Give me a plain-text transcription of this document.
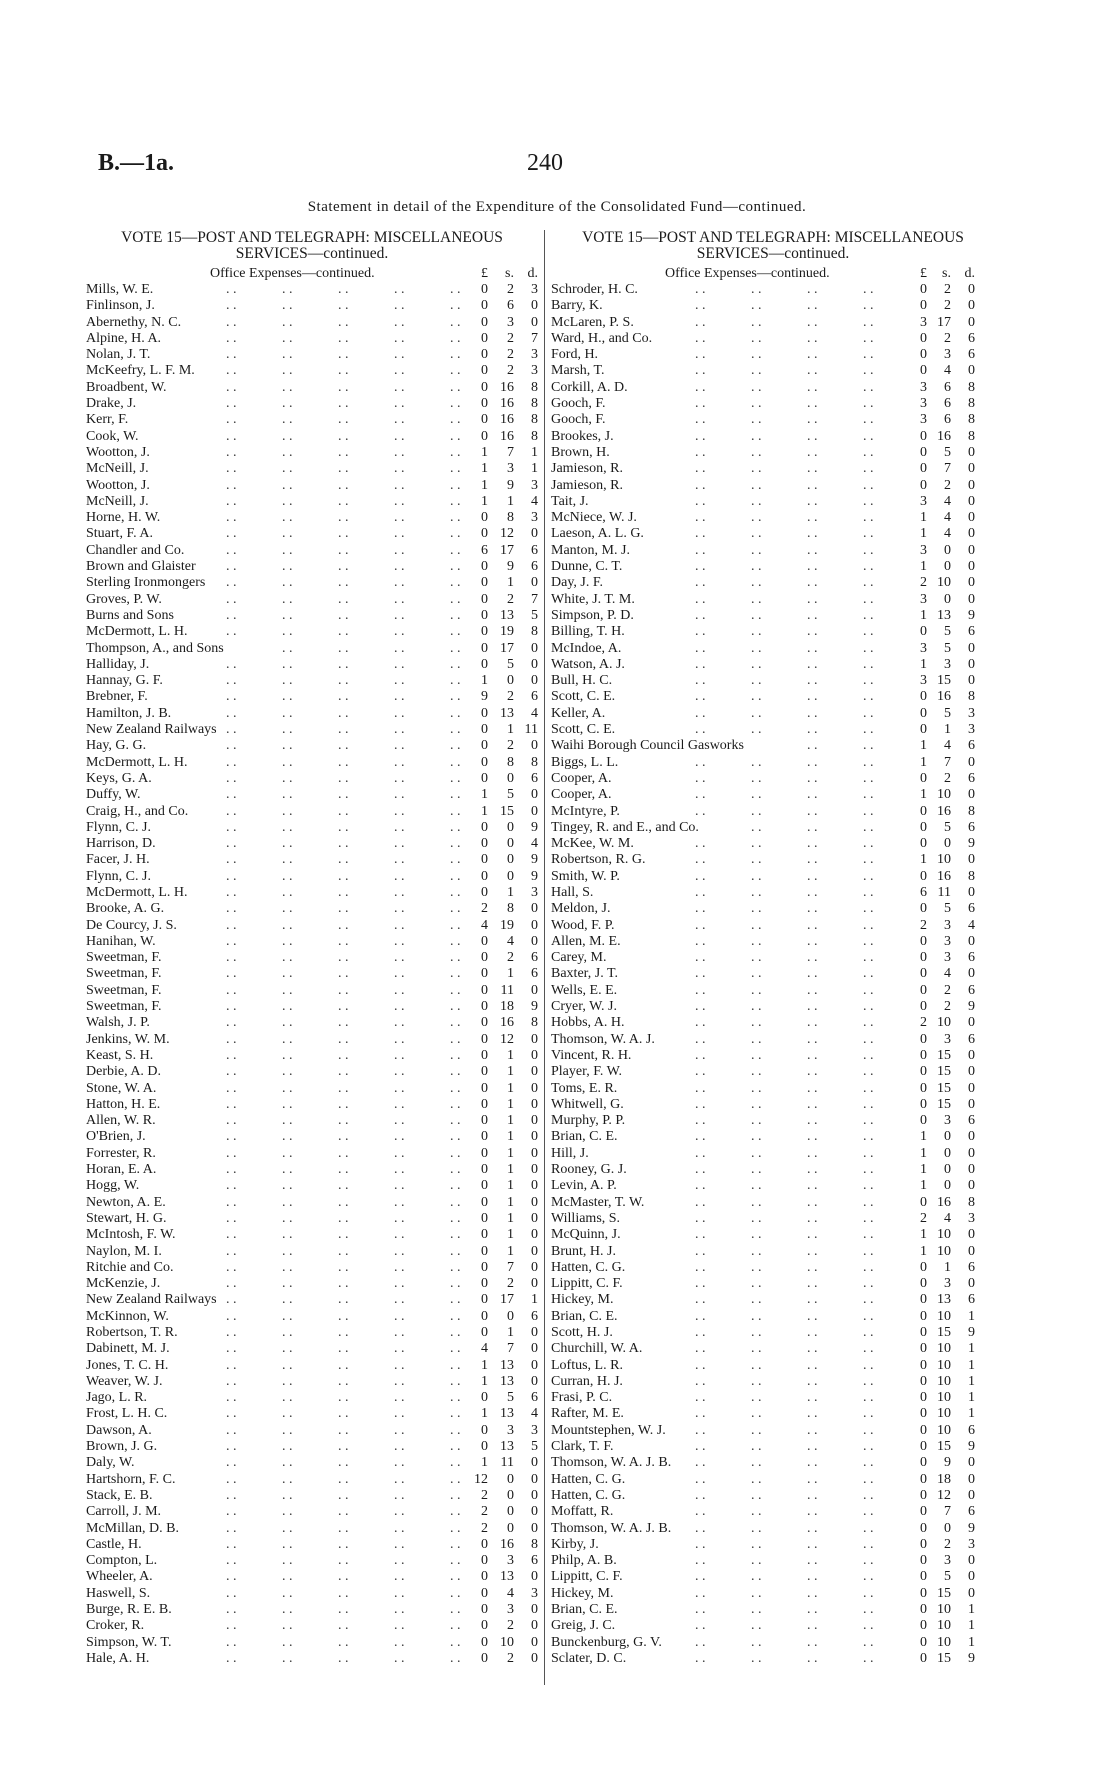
B.—1a.	240
Statement in detail of the Expenditure of the Consolidated Fund—continued.
VOTE 15—POST AND TELEGRAPH: MISCELLANEOUS
SERVICES—continued.
Office Expenses—continued.	£	s. d.
Mills, W. E.	0	2	3
. .	. .	. .	. .	. .
Finlinson, J.	0	6	0
. .	. .	. .	. .	. .
Abernethy, N. C.	0	3	0
. .	. .	. .	. .	. .
Alpine, H. A.	0	2	7
. .	. .	. .	. .	. .
Nolan, J. T.	0	2	3
. .	. .	. .	. .	. .
McKeefry, L. F. M.	0	2	3
. .	. .	. .	. .	. .
Broadbent, W.	0 16	8
. .	. .	. .	. .	. .
Drake, J.	0 16	8
. .	. .	. .	. .	. .
Kerr, F.	0 16	8
. .	. .	. .	. .	. .
Cook, W.	0 16	8
. .	. .	. .	. .	. .
Wootton, J.	1	7	1
. .	. .	. .	. .	. .
McNeill, J.	1	3	1
. .	. .	. .	. .	. .
Wootton, J.	1	9	3
. .	. .	. .	. .	. .
McNeill, J.	1	1	4
. .	. .	. .	. .	. .
Horne, H. W.	0	8	3
. .	. .	. .	. .	. .
Stuart, F. A.	0 12	0
. .	. .	. .	. .	. .
Chandler and Co.	6 17	6
. .	. .	. .	. .	. .
Brown and Glaister	0	9	6
. .	. .	. .	. .	. .
Sterling Ironmongers	0	1	0
. .	. .	. .	. .	. .
Groves, P. W.	0	2	7
. .	. .	. .	. .	. .
Burns and Sons	0 13	5
. .	. .	. .	. .	. .
McDermott, L. H.	0 19	8
. .	. .	. .	. .	. .
Thompson, A., and Sons	0 17	0
. .	. .	. .	. .
Halliday, J.	0	5	0
. .	. .	. .	. .	. .
Hannay, G. F.	1	0	0
. .	. .	. .	. .	. .
Brebner, F.	9	2	6
. .	. .	. .	. .	. .
Hamilton, J. B.	0 13	4
. .	. .	. .	. .	. .
New Zealand Railways	0	1 11
. .	. .	. .	. .	. .
Hay, G. G.	0	2	0
. .	. .	. .	. .	. .
McDermott, L. H.	0	8	8
. .	. .	. .	. .	. .
Keys, G. A.	0	0	6
. .	. .	. .	. .	. .
Duffy, W.	1	5	0
. .	. .	. .	. .	. .
Craig, H., and Co.	1 15	0
. .	. .	. .	. .	. .
Flynn, C. J.	0	0	9
. .	. .	. .	. .	. .
Harrison, D.	0	0	4
. .	. .	. .	. .	. .
Facer, J. H.	0	0	9
. .	. .	. .	. .	. .
Flynn, C. J.	0	0	9
. .	. .	. .	. .	. .
McDermott, L. H.	0	1	3
. .	. .	. .	. .	. .
Brooke, A. G.	2	8	0
. .	. .	. .	. .	. .
De Courcy, J. S.	4 19	0
. .	. .	. .	. .	. .
Hanihan, W.	0	4	0
. .	. .	. .	. .	. .
Sweetman, F.	0	2	6
. .	. .	. .	. .	. .
Sweetman, F.	0	1	6
. .	. .	. .	. .	. .
Sweetman, F.	0 11	0
. .	. .	. .	. .	. .
Sweetman, F.	0 18	9
. .	. .	. .	. .	. .
Walsh, J. P.	0 16	8
. .	. .	. .	. .	. .
Jenkins, W. M.	0 12	0
. .	. .	. .	. .	. .
Keast, S. H.	0	1	0
. .	. .	. .	. .	. .
Derbie, A. D.	0	1	0
. .	. .	. .	. .	. .
Stone, W. A.	0	1	0
. .	. .	. .	. .	. .
Hatton, H. E.	0	1	0
. .	. .	. .	. .	. .
Allen, W. R.	0	1	0
. .	. .	. .	. .	. .
O'Brien, J.	0	1	0
. .	. .	. .	. .	. .
Forrester, R.	0	1	0
. .	. .	. .	. .	. .
Horan, E. A.	0	1	0
. .	. .	. .	. .	. .
Hogg, W.	0	1	0
. .	. .	. .	. .	. .
Newton, A. E.	0	1	0
. .	. .	. .	. .	. .
Stewart, H. G.	0	1	0
. .	. .	. .	. .	. .
McIntosh, F. W.	0	1	0
. .	. .	. .	. .	. .
Naylon, M. I.	0	1	0
. .	. .	. .	. .	. .
Ritchie and Co.	0	7	0
. .	. .	. .	. .	. .
McKenzie, J.	0	2	0
. .	. .	. .	. .	. .
New Zealand Railways	0 17	1
. .	. .	. .	. .	. .
McKinnon, W.	0	0	6
. .	. .	. .	. .	. .
Robertson, T. R.	0	1	0
. .	. .	. .	. .	. .
Dabinett, M. J.	4	7	0
. .	. .	. .	. .	. .
Jones, T. C. H.	1 13	0
. .	. .	. .	. .	. .
Weaver, W. J.	1 13	0
. .	. .	. .	. .	. .
Jago, L. R.	0	5	6
. .	. .	. .	. .	. .
Frost, L. H. C.	1 13	4
. .	. .	. .	. .	. .
Dawson, A.	0	3	3
. .	. .	. .	. .	. .
Brown, J. G.	0 13	5
. .	. .	. .	. .	. .
Daly, W.	1 11	0
. .	. .	. .	. .	. .
Hartshorn, F. C.	12	0	0
. .	. .	. .	. .	. .
Stack, E. B.	2	0	0
. .	. .	. .	. .	. .
Carroll, J. M.	2	0	0
. .	. .	. .	. .	. .
McMillan, D. B.	2	0	0
. .	. .	. .	. .	. .
Castle, H.	0 16	8
. .	. .	. .	. .	. .
Compton, L.	0	3	6
. .	. .	. .	. .	. .
Wheeler, A.	0 13	0
. .	. .	. .	. .	. .
Haswell, S.	0	4	3
. .	. .	. .	. .	. .
Burge, R. E. B.	0	3	0
. .	. .	. .	. .	. .
Croker, R.	0	2	0
. .	. .	. .	. .	. .
Simpson, W. T.	0 10	0
. .	. .	. .	. .	. .
Hale, A. H.	0	2	0
. .	. .	. .	. .	. .
VOTE 15—POST AND TELEGRAPH: MISCELLANEOUS
SERVICES—continued.
Office Expenses—continued.	£	s. d.
Schroder, H. C.	0	2	0
. .	. .	. .	. .
Barry, K.	0	2	0
. .	. .	. .	. .
McLaren, P. S.	3 17	0
. .	. .	. .	. .
Ward, H., and Co.	0	2	6
. .	. .	. .	. .
Ford, H.	0	3	6
. .	. .	. .	. .
Marsh, T.	0	4	0
. .	. .	. .	. .
Corkill, A. D.	3	6	8
. .	. .	. .	. .
Gooch, F.	3	6	8
. .	. .	. .	. .
Gooch, F.	3	6	8
. .	. .	. .	. .
Brookes, J.	0 16	8
. .	. .	. .	. .
Brown, H.	0	5	0
. .	. .	. .	. .
Jamieson, R.	0	7	0
. .	. .	. .	. .
Jamieson, R.	0	2	0
. .	. .	. .	. .
Tait, J.	3	4	0
. .	. .	. .	. .
McNiece, W. J.	1	4	0
. .	. .	. .	. .
Laeson, A. L. G.	1	4	0
. .	. .	. .	. .
Manton, M. J.	3	0	0
. .	. .	. .	. .
Dunne, C. T.	1	0	0
. .	. .	. .	. .
Day, J. F.	2 10	0
. .	. .	. .	. .
White, J. T. M.	3	0	0
. .	. .	. .	. .
Simpson, P. D.	1 13	9
. .	. .	. .	. .
Billing, T. H.	0	5	6
. .	. .	. .	. .
McIndoe, A.	3	5	0
. .	. .	. .	. .
Watson, A. J.	1	3	0
. .	. .	. .	. .
Bull, H. C.	3 15	0
. .	. .	. .	. .
Scott, C. E.	0 16	8
. .	. .	. .	. .
Keller, A.	0	5	3
. .	. .	. .	. .
Scott, C. E.	0	1	3
. .	. .	. .	. .
Waihi Borough Council Gasworks	1	4	6
. .	. .
Biggs, L. L.	1	7	0
. .	. .	. .	. .
Cooper, A.	0	2	6
. .	. .	. .	. .
Cooper, A.	1 10	0
. .	. .	. .	. .
McIntyre, P.	0 16	8
. .	. .	. .	. .
Tingey, R. and E., and Co.	0	5	6
. .	. .	. .
McKee, W. M.	0	0	9
. .	. .	. .	. .
Robertson, R. G.	1 10	0
. .	. .	. .	. .
Smith, W. P.	0 16	8
. .	. .	. .	. .
Hall, S.	6 11	0
. .	. .	. .	. .
Meldon, J.	0	5	6
. .	. .	. .	. .
Wood, F. P.	2	3	4
. .	. .	. .	. .
Allen, M. E.	0	3	0
. .	. .	. .	. .
Carey, M.	0	3	6
. .	. .	. .	. .
Baxter, J. T.	0	4	0
. .	. .	. .	. .
Wells, E. E.	0	2	6
. .	. .	. .	. .
Cryer, W. J.	0	2	9
. .	. .	. .	. .
Hobbs, A. H.	2 10	0
. .	. .	. .	. .
Thomson, W. A. J.	0	3	6
. .	. .	. .	. .
Vincent, R. H.	0 15	0
. .	. .	. .	. .
Player, F. W.	0 15	0
. .	. .	. .	. .
Toms, E. R.	0 15	0
. .	. .	. .	. .
Whitwell, G.	0 15	0
. .	. .	. .	. .
Murphy, P. P.	0	3	6
. .	. .	. .	. .
Brian, C. E.	1	0	0
. .	. .	. .	. .
Hill, J.	1	0	0
. .	. .	. .	. .
Rooney, G. J.	1	0	0
. .	. .	. .	. .
Levin, A. P.	1	0	0
. .	. .	. .	. .
McMaster, T. W.	0 16	8
. .	. .	. .	. .
Williams, S.	2	4	3
. .	. .	. .	. .
McQuinn, J.	1 10	0
. .	. .	. .	. .
Brunt, H. J.	1 10	0
. .	. .	. .	. .
Hatten, C. G.	0	1	6
. .	. .	. .	. .
Lippitt, C. F.	0	3	0
. .	. .	. .	. .
Hickey, M.	0 13	6
. .	. .	. .	. .
Brian, C. E.	0 10	1
. .	. .	. .	. .
Scott, H. J.	0 15	9
. .	. .	. .	. .
Churchill, W. A.	0 10	1
. .	. .	. .	. .
Loftus, L. R.	0 10	1
. .	. .	. .	. .
Curran, H. J.	0 10	1
. .	. .	. .	. .
Frasi, P. C.	0 10	1
. .	. .	. .	. .
Rafter, M. E.	0 10	1
. .	. .	. .	. .
Mountstephen, W. J.	0 10	6
. .	. .	. .	. .
Clark, T. F.	0 15	9
. .	. .	. .	. .
Thomson, W. A. J. B.	0	9	0
. .	. .	. .	. .
Hatten, C. G.	0 18	0
. .	. .	. .	. .
Hatten, C. G.	0 12	0
. .	. .	. .	. .
Moffatt, R.	0	7	6
. .	. .	. .	. .
Thomson, W. A. J. B.	0	0	9
. .	. .	. .	. .
Kirby, J.	0	2	3
. .	. .	. .	. .
Philp, A. B.	0	3	0
. .	. .	. .	. .
Lippitt, C. F.	0	5	0
. .	. .	. .	. .
Hickey, M.	0 15	0
. .	. .	. .	. .
Brian, C. E.	0 10	1
. .	. .	. .	. .
Greig, J. C.	0 10	1
. .	. .	. .	. .
Bunckenburg, G. V.	0 10	1
. .	. .	. .	. .
Sclater, D. C.	0 15	9
. .	. .	. .	. .
